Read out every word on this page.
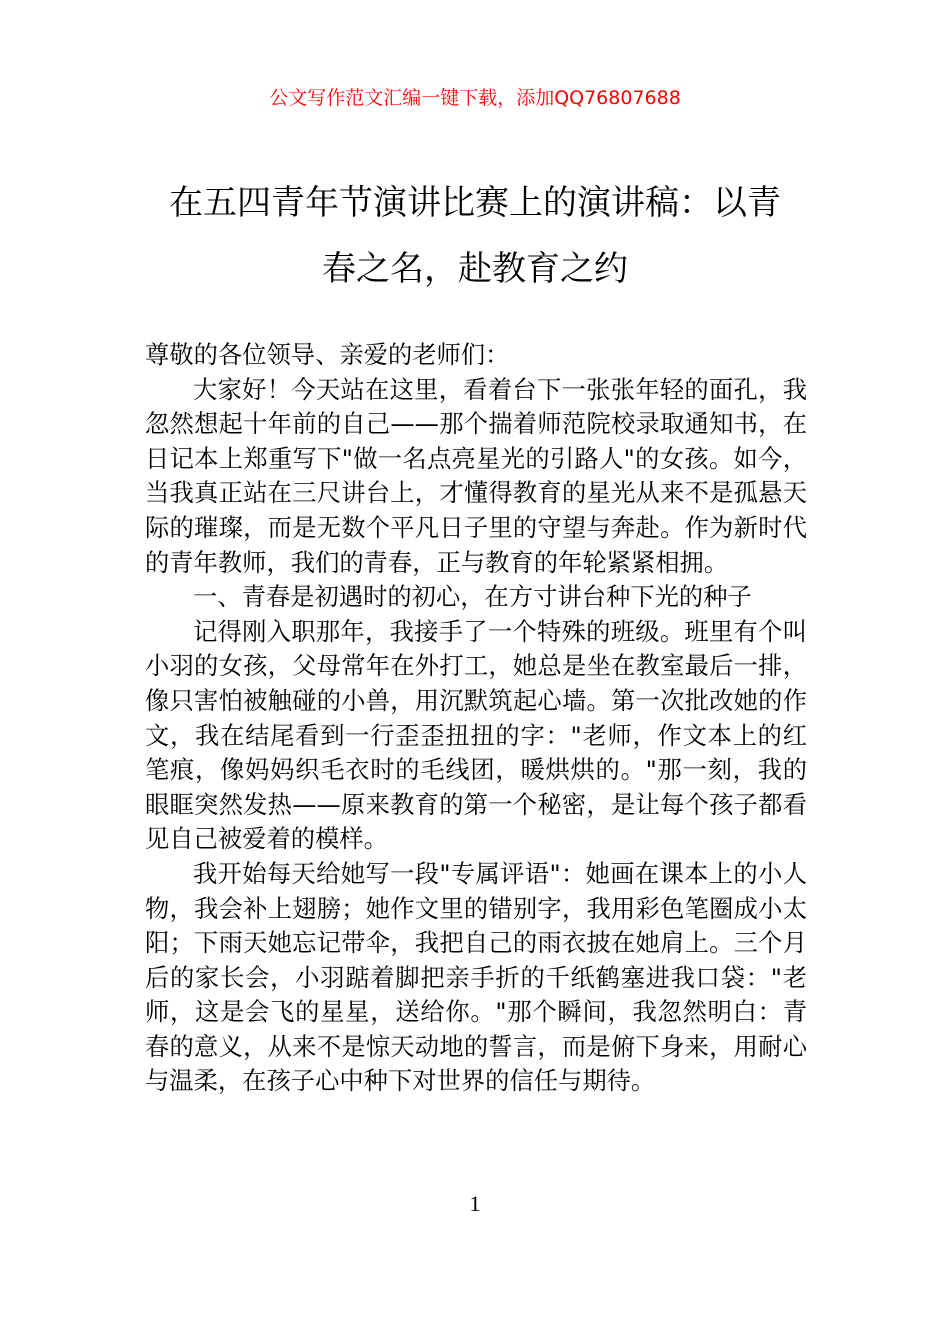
公文写作范文汇编一键下载，添加QQ76807688
在五四青年节演讲比赛上的演讲稿：以青
春之名，赴教育之约

尊敬的各位领导、亲爱的老师们：

大家好！今天站在这里，看着台下一张张年轻的面孔，我忽然想起十年前的自己——那个揣着师范院校录取通知书，在日记本上郑重写下"做一名点亮星光的引路人"的女孩。如今，当我真正站在三尺讲台上，才懂得教育的星光从来不是孤悬天际的璀璨，而是无数个平凡日子里的守望与奔赴。作为新时代的青年教师，我们的青春，正与教育的年轮紧紧相拥。

一、青春是初遇时的初心，在方寸讲台种下光的种子

记得刚入职那年，我接手了一个特殊的班级。班里有个叫小羽的女孩，父母常年在外打工，她总是坐在教室最后一排，像只害怕被触碰的小兽，用沉默筑起心墙。第一次批改她的作文，我在结尾看到一行歪歪扭扭的字："老师，作文本上的红笔痕，像妈妈织毛衣时的毛线团，暖烘烘的。"那一刻，我的眼眶突然发热——原来教育的第一个秘密，是让每个孩子都看见自己被爱着的模样。

我开始每天给她写一段"专属评语"：她画在课本上的小人物，我会补上翅膀；她作文里的错别字，我用彩色笔圈成小太阳；下雨天她忘记带伞，我把自己的雨衣披在她肩上。三个月后的家长会，小羽踮着脚把亲手折的千纸鹤塞进我口袋："老师，这是会飞的星星，送给你。"那个瞬间，我忽然明白：青春的意义，从来不是惊天动地的誓言，而是俯下身来，用耐心与温柔，在孩子心中种下对世界的信任与期待。

1
